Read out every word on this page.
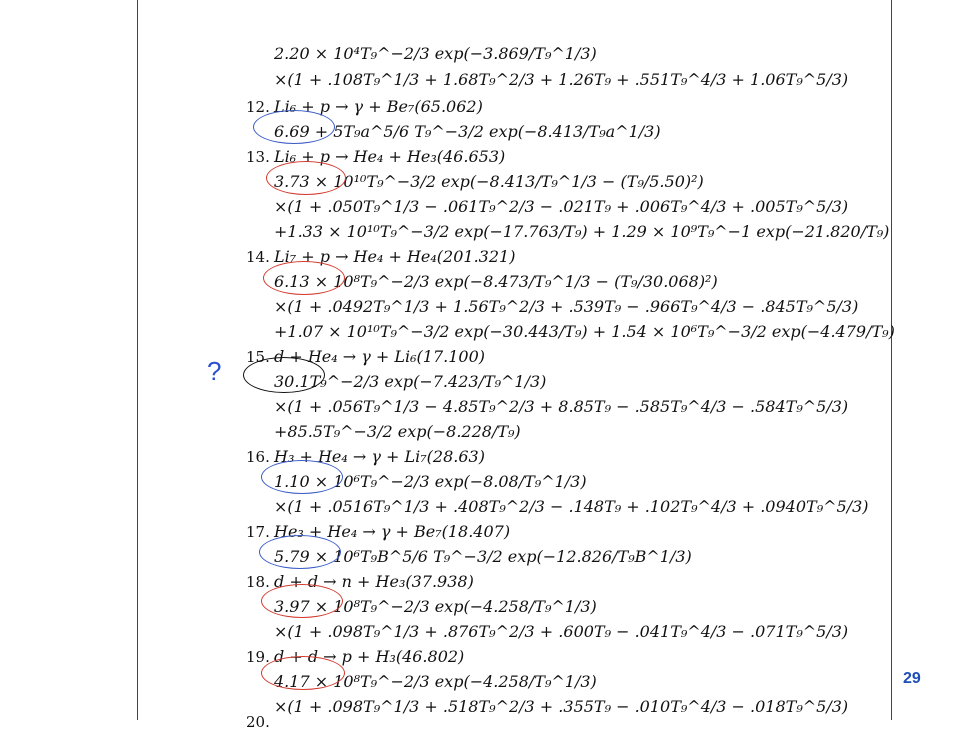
2.20 × 10⁴T₉^−2/3 exp(−3.869/T₉^1/3)
×(1 + .108T₉^1/3 + 1.68T₉^2/3 + 1.26T₉ + .551T₉^4/3 + 1.06T₉^5/3)
12. Li₆ + p → γ + Be₇(65.062)
6.69 + 5T₉a^5/6 T₉^−3/2 exp(−8.413/T₉a^1/3)
13. Li₆ + p → He₄ + He₃(46.653)
3.73 × 10¹⁰T₉^−3/2 exp(−8.413/T₉^1/3 − (T₉/5.50)²)
×(1 + .050T₉^1/3 − .061T₉^2/3 − .021T₉ + .006T₉^4/3 + .005T₉^5/3)
+1.33 × 10¹⁰T₉^−3/2 exp(−17.763/T₉) + 1.29 × 10⁹T₉^−1 exp(−21.820/T₉)
14. Li₇ + p → He₄ + He₄(201.321)
6.13 × 10⁸T₉^−2/3 exp(−8.473/T₉^1/3 − (T₉/30.068)²)
×(1 + .0492T₉^1/3 + 1.56T₉^2/3 + .539T₉ − .966T₉^4/3 − .845T₉^5/3)
+1.07 × 10¹⁰T₉^−3/2 exp(−30.443/T₉) + 1.54 × 10⁶T₉^−3/2 exp(−4.479/T₉)
15. d + He₄ → γ + Li₆(17.100)
30.1T₉^−2/3 exp(−7.423/T₉^1/3)
×(1 + .056T₉^1/3 − 4.85T₉^2/3 + 8.85T₉ − .585T₉^4/3 − .584T₉^5/3)
+85.5T₉^−3/2 exp(−8.228/T₉)
16. H₃ + He₄ → γ + Li₇(28.63)
1.10 × 10⁶T₉^−2/3 exp(−8.08/T₉^1/3)
×(1 + .0516T₉^1/3 + .408T₉^2/3 − .148T₉ + .102T₉^4/3 + .0940T₉^5/3)
17. He₃ + He₄ → γ + Be₇(18.407)
5.79 × 10⁶T₉B^5/6 T₉^−3/2 exp(−12.826/T₉B^1/3)
18. d + d → n + He₃(37.938)
3.97 × 10⁸T₉^−2/3 exp(−4.258/T₉^1/3)
×(1 + .098T₉^1/3 + .876T₉^2/3 + .600T₉ − .041T₉^4/3 − .071T₉^5/3)
19. d + d → p + H₃(46.802)
4.17 × 10⁸T₉^−2/3 exp(−4.258/T₉^1/3)
×(1 + .098T₉^1/3 + .518T₉^2/3 + .355T₉ − .010T₉^4/3 − .018T₉^5/3)
20.
?
29
